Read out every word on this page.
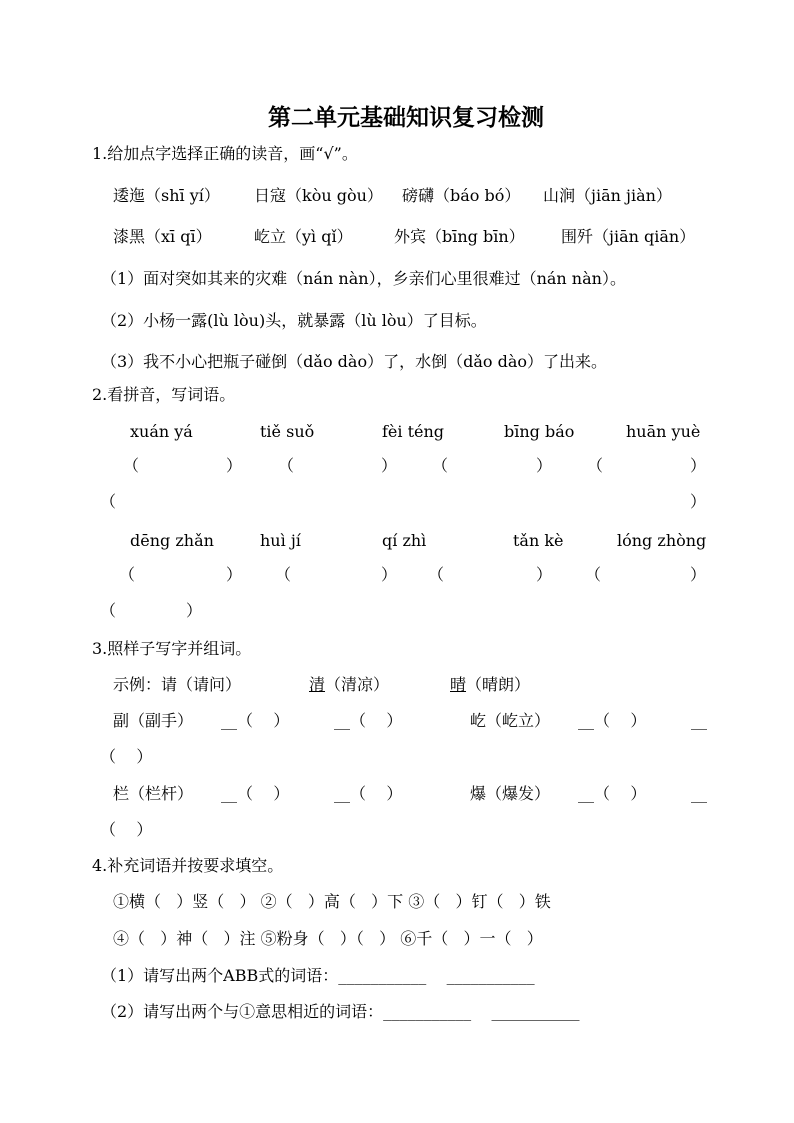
第二单元基础知识复习检测
1.给加点字选择正确的读音，画“√”。
逶迤（shī yí） 日寇（kòu gòu） 磅礴（báo bó） 山涧（jiān jiàn）
漆黑（xī qī）	屹立（yì qǐ）	外宾（bīng bīn） 围歼（jiān qiān）
（1）面对突如其来的灾难（nán nàn），乡亲们心里很难过（nán nàn）。
（2）小杨一露(lù lòu)头，就暴露（lù lòu）了目标。
（3）我不小心把瓶子碰倒（dǎo dào）了，水倒（dǎo dào）了出来。
2.看拼音，写词语。
xuán yá	tiě suǒ	fèi téng	bīng báo	huān yuè
（	） （	） （	） （	）
（	）
dēng zhǎn	huì jí	qí zhì	tǎn kè	lóng zhòng
（	） （	） （	） （	）
（	）
3.照样子写字并组词。
示例：请（请问）	清 （清凉）	晴 （晴朗）
副（副手） __（    ）	__（    ）	屹（屹立） __（    ）	__
（    ）
栏（栏杆） __（    ）	__（    ）	爆（爆发） __（    ）	__
（    ）
4.补充词语并按要求填空。
①横（   ）竖（   ） ②（   ）高（   ）下 ③（   ）钉（   ）铁
④（   ）神（   ）注 ⑤粉身（   ）（   ） ⑥千（   ）一（   ）
（1）请写出两个ABB式的词语：___________    ___________
（2）请写出两个与①意思相近的词语：___________    ___________
